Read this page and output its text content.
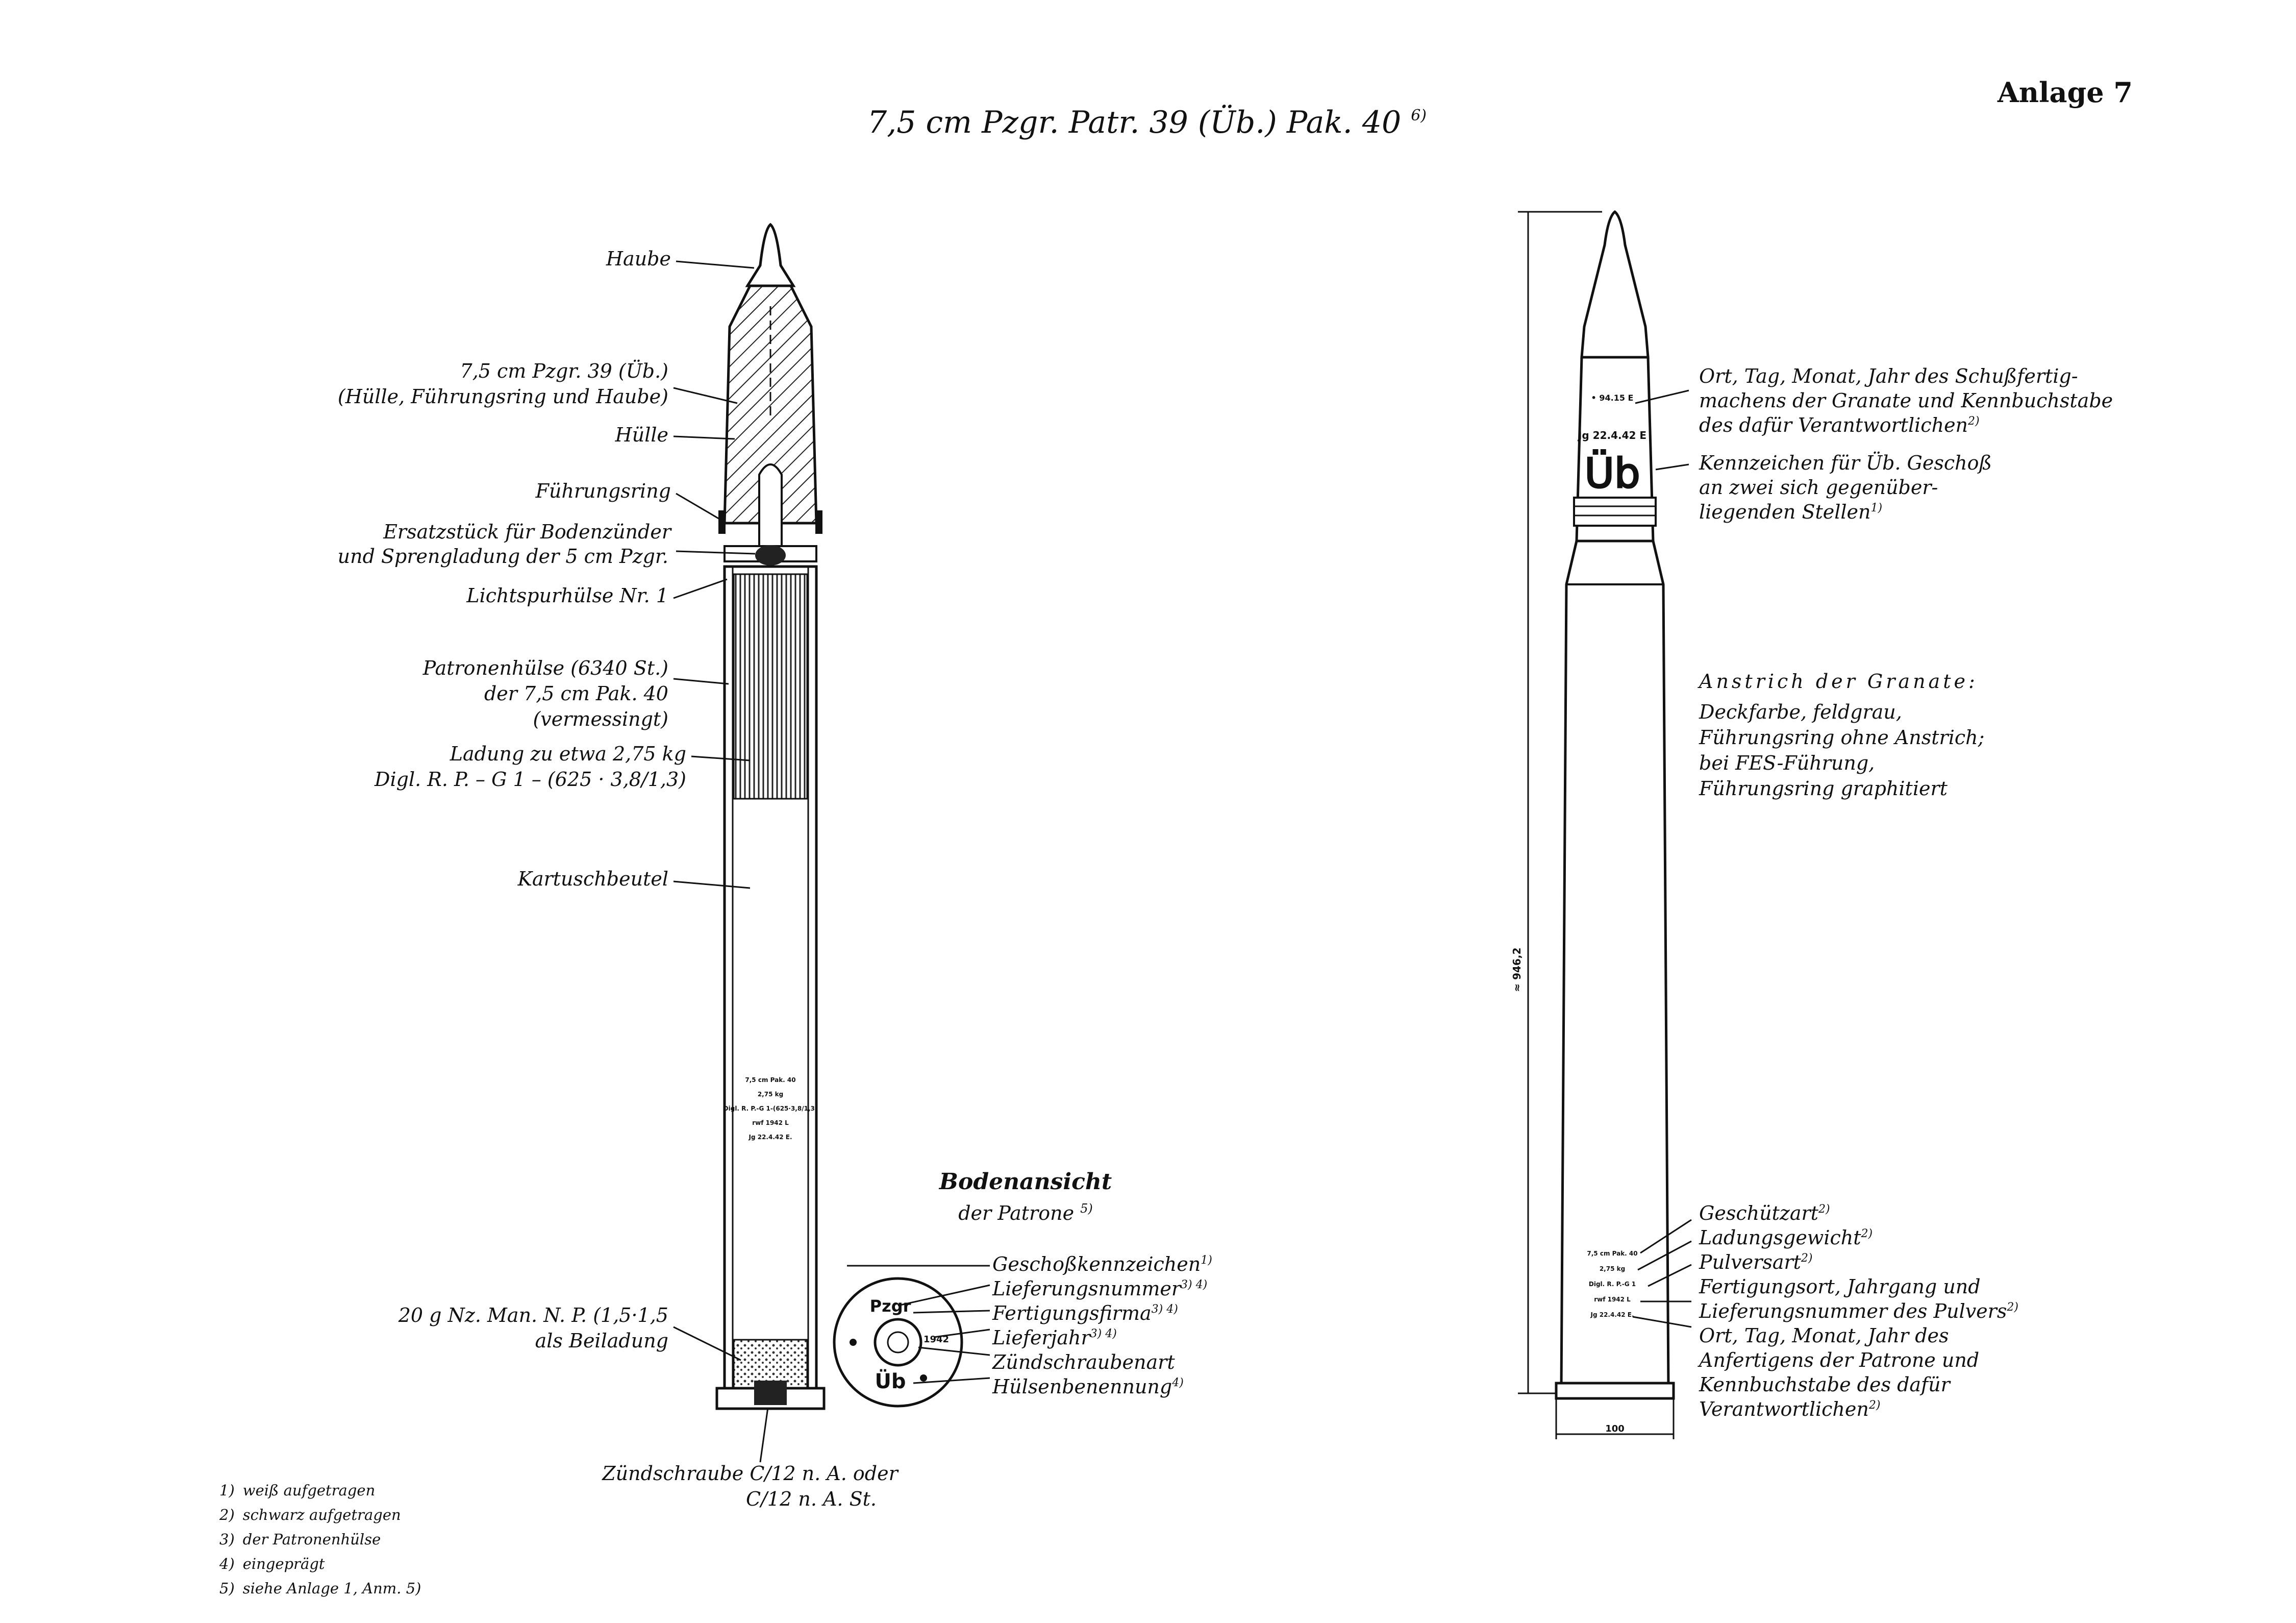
Anlage 7
7,5 cm Pzgr. Patr. 39 (Üb.) Pak. 40 $^{6)}$
7,5 cm Pak. 40
2,75 kg
Digl. R. P.-G 1-(625·3,8/1,3)
rwf 1942 L
Jg 22.4.42 E.
Haube
7,5 cm Pzgr. 39 (Üb.)
(Hülle, Führungsring und Haube)
Hülle
Führungsring
Ersatzstück für Bodenzünder
und Sprengladung der 5 cm Pzgr.
Lichtspurhülse Nr. 1
Patronenhülse (6340 St.)
der 7,5 cm Pak. 40
(vermessingt)
Ladung zu etwa 2,75 kg
Digl. R. P. – G 1 – (625 · 3,8/1,3)
Kartuschbeutel
20 g Nz. Man. N. P. (1,5·1,5
als Beiladung
Zündschraube C/12 n. A. oder
C/12 n. A. St.
Bodenansicht
der Patrone $^{5)}$
Pzgr
Üb
1942
Geschoßkennzeichen$^{1)}$
Lieferungsnummer$^{3) 4)}$
Fertigungsfirma$^{3) 4)}$
Lieferjahr$^{3) 4)}$
Zündschraubenart
Hülsenbenennung$^{4)}$
1) weiß aufgetragen
2) schwarz aufgetragen
3) der Patronenhülse
4) eingeprägt
5) siehe Anlage 1, Anm. 5)
≈ 946,2
100
• 94.15 E
Jg 22.4.42 E
Üb
7,5 cm Pak. 40
2,75 kg
Digl. R. P.-G 1
rwf 1942 L
Jg 22.4.42 E.
Ort, Tag, Monat, Jahr des Schußfertig-
machens der Granate und Kennbuchstabe
des dafür Verantwortlichen$^{2)}$
Kennzeichen für Üb. Geschoß
an zwei sich gegenüber-
liegenden Stellen$^{1)}$
Anstrich der Granate:
Deckfarbe, feldgrau,
Führungsring ohne Anstrich;
bei FES-Führung,
Führungsring graphitiert
Geschützart$^{2)}$
Ladungsgewicht$^{2)}$
Pulversart$^{2)}$
Fertigungsort, Jahrgang und
Lieferungsnummer des Pulvers$^{2)}$
Ort, Tag, Monat, Jahr des
Anfertigens der Patrone und
Kennbuchstabe des dafür
Verantwortlichen$^{2)}$
